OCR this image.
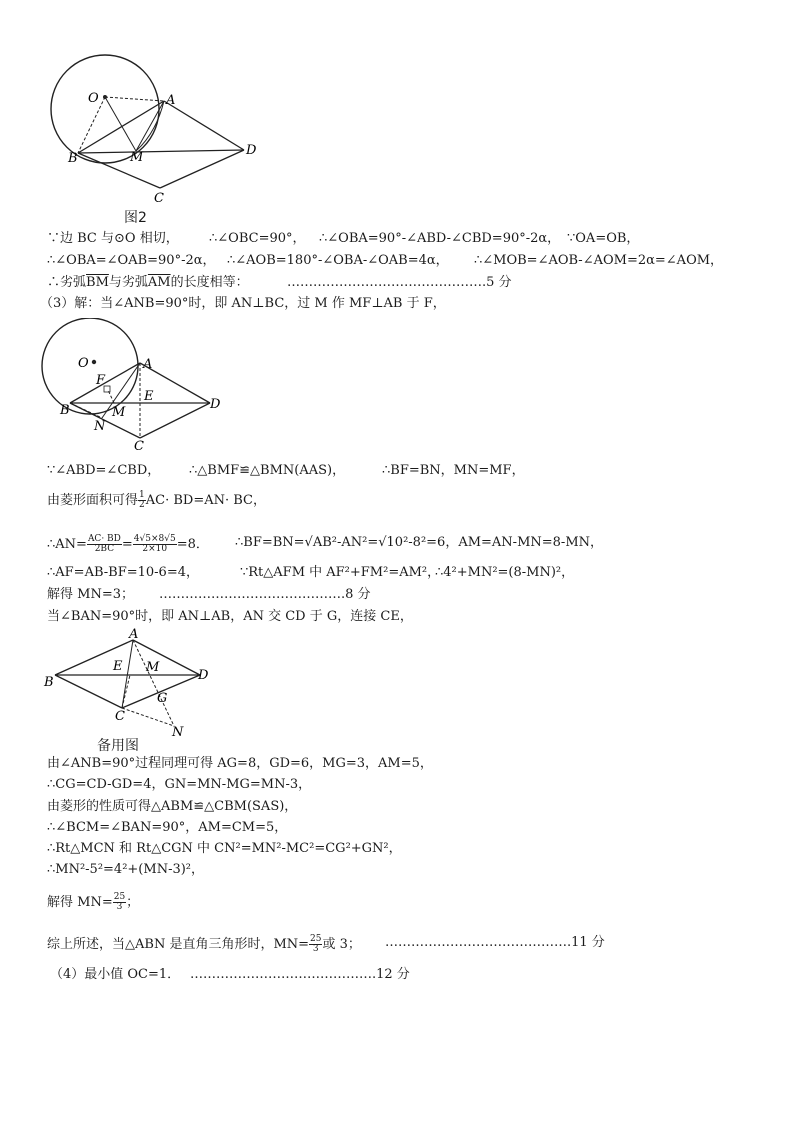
O	A
B	M	D
C
图2
∵边 BC 与⊙O 相切， ∴∠OBC=90°， ∴∠OBA=90°-∠ABD-∠CBD=90°-2α， ∵OA=OB，
∴∠OBA=∠OAB=90°-2α， ∴∠AOB=180°-∠OBA-∠OAB=4α， ∴∠MOB=∠AOB-∠AOM=2α=∠AOM，
∴劣弧$\overline{BM}$与劣弧$\overline{AM}$的长度相等：	……………………………………….5 分
（3）解：当∠ANB=90°时，即 AN⊥BC，过 M 作 MF⊥AB 于 F，
O	A
F
E
B	M
D
N
C
∵∠ABD=∠CBD， ∴△BMF≌△BMN(AAS)，	∴BF=BN，MN=MF，
由菱形面积可得 $\frac{1}{2} AC\cdot BD=AN\cdot$ BC，
∴AN= $\frac{AC\cdot BD}{2BC} = \frac{4√5\times 8√5}{2\times 10} =8$． ∴BF=BN=√AB²-AN²=√10²-8²=6，AM=AN-MN=8-MN，
∴AF=AB-BF=10-6=4，	∵Rt△AFM 中 AF²+FM²=AM²，
∴4²+MN²=(8-MN)²，
解得 MN=3； …………………………………….8 分
当∠BAN=90°时，即 AN⊥AB，AN 交 CD 于 G，连接 CE，
A
E M
B	D
G
C
N
备用图
由∠ANB=90°过程同理可得 AG=8，GD=6，MG=3，AM=5，
∴CG=CD-GD=4，GN=MN-MG=MN-3，
由菱形的性质可得△ABM≌△CBM(SAS)，
∴∠BCM=∠BAN=90°，AM=CM=5，
∴Rt△MCN 和 Rt△CGN 中 CN²=MN²-MC²=CG²+GN²，
∴MN²-5²=4²+(MN-3)²，
解得 $MN= \frac{25}{3}$ ；
综上所述，当△ABN 是直角三角形时，$MN= \frac{25}{3}$ 或 3； …………………………………….11 分
（4）最小值 OC=1． …………………………………….12 分
